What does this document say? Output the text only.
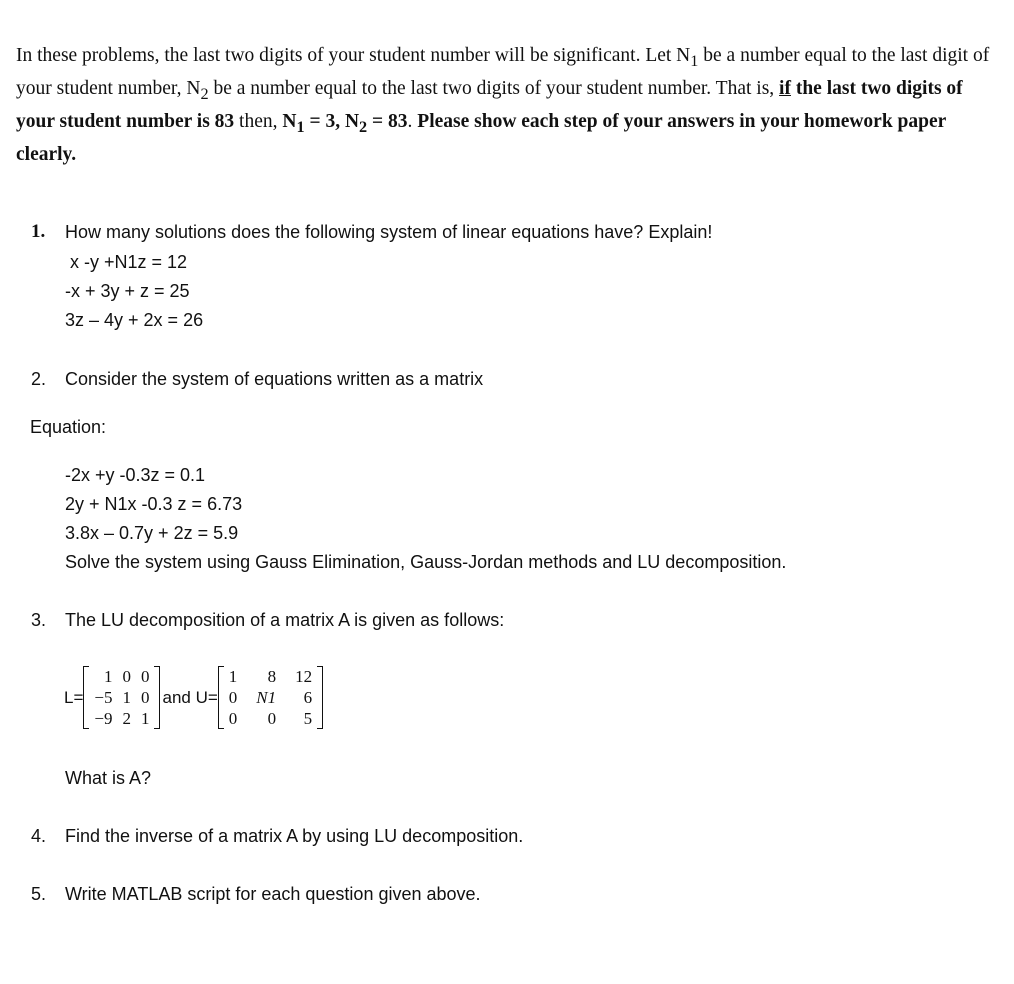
In these problems, the last two digits of your student number will be significant. Let $N_1$ be a number equal to the last digit of your student number, $N_2$ be a number equal to the last two digits of your student number. That is, if the last two digits of your student number is 83 then, $N_1 = 3$, $N_2 = 83$. Please show each step of your answers in your homework paper clearly.

1. How many solutions does the following system of linear equations have? Explain!
x -y +N1z = 12
-x + 3y + z = 25
3z – 4y + 2x = 26
2. Consider the system of equations written as a matrix
Equation:
-2x +y -0.3z = 0.1
2y + N1x -0.3 z = 6.73
3.8x – 0.7y + 2z = 5.9
Solve the system using Gauss Elimination, Gauss-Jordan methods and LU decomposition.
3. The LU decomposition of a matrix A is given as follows:
L=
1	0	0
−5	1	0
−9	2	1
and U=
1	8	12
0	N1	6
0	0	5
What is A?
4. Find the inverse of a matrix A by using LU decomposition.
5. Write MATLAB script for each question given above.
